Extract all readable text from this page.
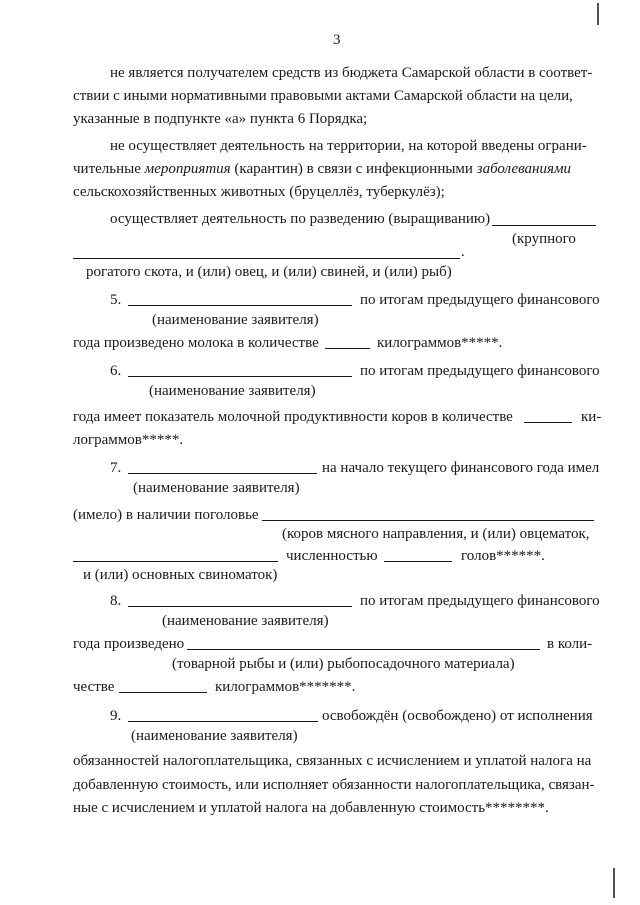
3
не является получателем средств из бюджета Самарской области в соответ-
ствии с иными нормативными правовыми актами Самарской области на цели,
указанные в подпункте «а» пункта 6 Порядка;
не осуществляет деятельность на территории, на которой введены ограни-
чительные мероприятия (карантин) в связи с инфекционными заболеваниями
сельскохозяйственных животных (бруцеллёз, туберкулёз);
осуществляет деятельность по разведению (выращиванию)
(крупного
.
рогатого скота, и (или) овец, и (или) свиней, и (или) рыб)
5.	по итогам предыдущего финансового
(наименование заявителя)
года произведено молока в количестве	килограммов*****.
6.	по итогам предыдущего финансового
(наименование заявителя)
года имеет показатель молочной продуктивности коров в количестве	ки-
лограммов*****.
7.	на начало текущего финансового года имел
(наименование заявителя)
(имело) в наличии поголовье
(коров мясного направления, и (или) овцематок,
численностью	голов******.
и (или) основных свиноматок)
8.	по итогам предыдущего финансового
(наименование заявителя)
года произведено	в коли-
(товарной рыбы и (или) рыбопосадочного материала)
честве	килограммов*******.
9.	освобождён (освобождено) от исполнения
(наименование заявителя)
обязанностей налогоплательщика, связанных с исчислением и уплатой налога на
добавленную стоимость, или исполняет обязанности налогоплательщика, связан-
ные с исчислением и уплатой налога на добавленную стоимость********.
